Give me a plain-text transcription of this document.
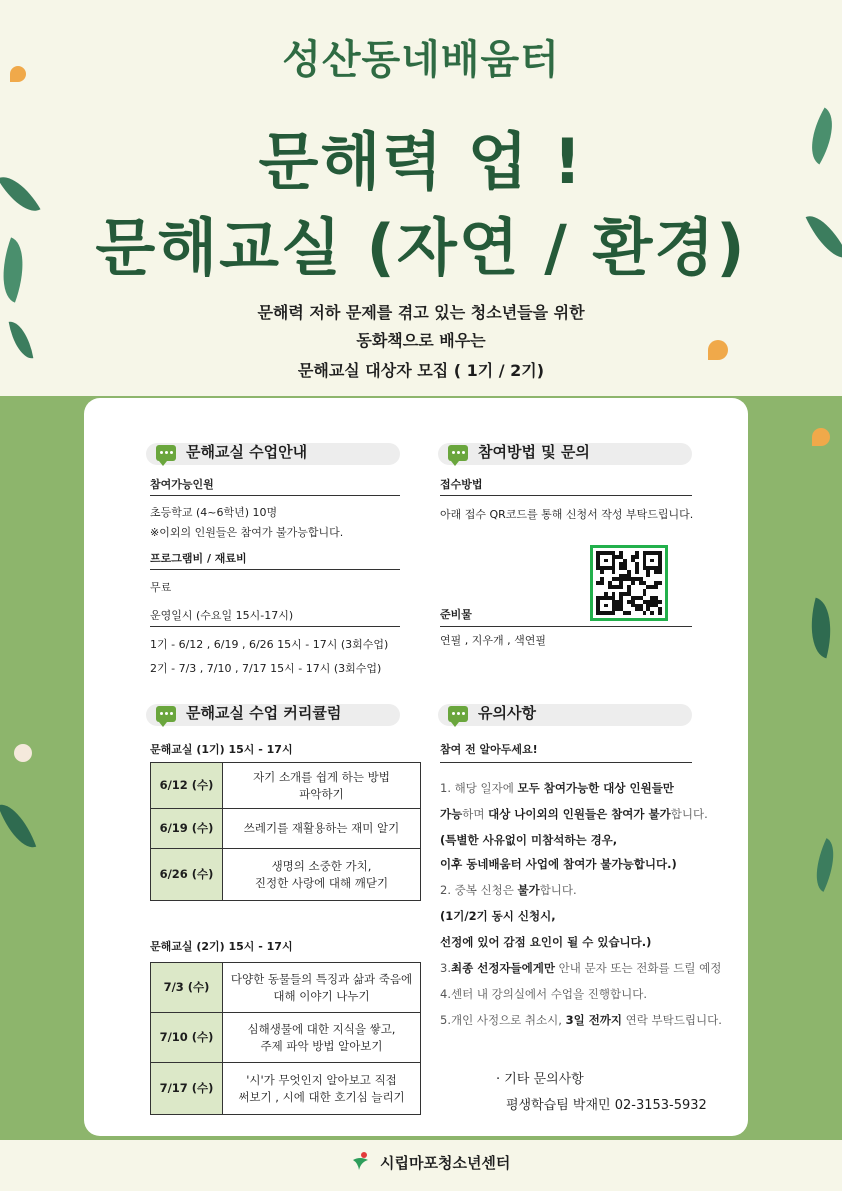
성산동네배움터
문해력 업 !
문해교실 (자연 / 환경)
문해력 저하 문제를 겪고 있는 청소년들을 위한
동화책으로 배우는
문해교실 대상자 모집 ( 1기 / 2기)
문해교실 수업안내
참여가능인원
초등학교 (4~6학년) 10명
※이외의 인원들은 참여가 불가능합니다.
프로그램비 / 재료비
무료
운영일시 (수요일 15시-17시)
1기 - 6/12 , 6/19 , 6/26 15시 - 17시 (3회수업)
2기 - 7/3 , 7/10 , 7/17 15시 - 17시 (3회수업)
참여방법 및 문의
접수방법
아래 접수 QR코드를 통해 신청서 작성 부탁드립니다.
준비물
연필 , 지우개 , 색연필
문해교실 수업 커리큘럼
문해교실 (1기) 15시 - 17시
6/12 (수)	자기 소개를 쉽게 하는 방법
파악하기

6/19 (수)	쓰레기를 재활용하는 재미 알기

6/26 (수)	생명의 소중한 가치,
진정한 사랑에 대해 깨닫기
문해교실 (2기) 15시 - 17시
7/3 (수)	다양한 동물들의 특징과 삶과 죽음에
대해 이야기 나누기

7/10 (수)	심해생물에 대한 지식을 쌓고,
주제 파악 방법 알아보기

7/17 (수)	'시'가 무엇인지 알아보고 직접
써보기 , 시에 대한 호기심 늘리기
유의사항
참여 전 알아두세요!
1. 해당 일자에 모두 참여가능한 대상 인원들만
가능하며 대상 나이외의 인원들은 참여가 불가합니다.
(특별한 사유없이 미참석하는 경우,
이후 동네배움터 사업에 참여가 불가능합니다.)
2. 중복 신청은 불가합니다.
(1기/2기 동시 신청시,
선정에 있어 감점 요인이 될 수 있습니다.)
3.최종 선정자들에게만 안내 문자 또는 전화를 드릴 예정
4.센터 내 강의실에서 수업을 진행합니다.
5.개인 사정으로 취소시, 3일 전까지 연락 부탁드립니다.
· 기타 문의사항
평생학습팀 박재민 02-3153-5932
시립마포청소년센터
